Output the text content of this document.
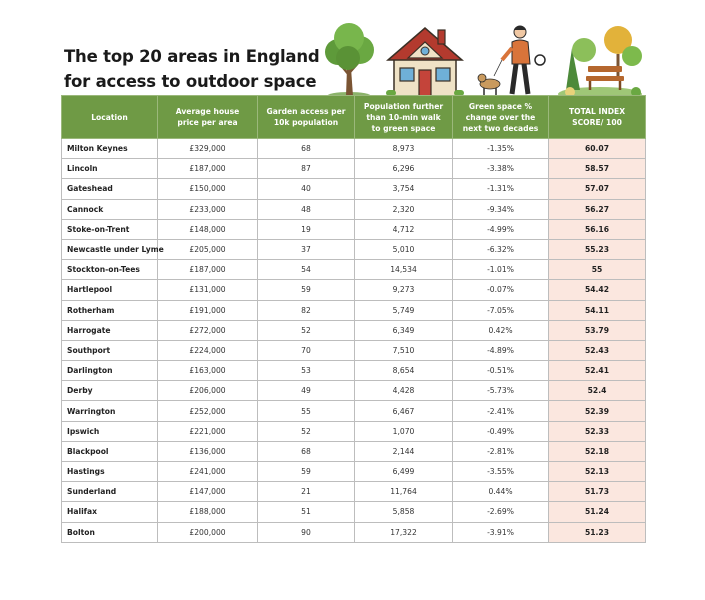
The top 20 areas in England for access to outdoor space
Location	Average house price per area	Garden access per 10k population	Population further than 10-min walk to green space	Green space % change over the next two decades	TOTAL INDEX SCORE/ 100
Milton Keynes	£329,000	68	8,973	-1.35%	60.07
Lincoln	£187,000	87	6,296	-3.38%	58.57
Gateshead	£150,000	40	3,754	-1.31%	57.07
Cannock	£233,000	48	2,320	-9.34%	56.27
Stoke-on-Trent	£148,000	19	4,712	-4.99%	56.16
Newcastle under Lyme	£205,000	37	5,010	-6.32%	55.23
Stockton-on-Tees	£187,000	54	14,534	-1.01%	55
Hartlepool	£131,000	59	9,273	-0.07%	54.42
Rotherham	£191,000	82	5,749	-7.05%	54.11
Harrogate	£272,000	52	6,349	0.42%	53.79
Southport	£224,000	70	7,510	-4.89%	52.43
Darlington	£163,000	53	8,654	-0.51%	52.41
Derby	£206,000	49	4,428	-5.73%	52.4
Warrington	£252,000	55	6,467	-2.41%	52.39
Ipswich	£221,000	52	1,070	-0.49%	52.33
Blackpool	£136,000	68	2,144	-2.81%	52.18
Hastings	£241,000	59	6,499	-3.55%	52.13
Sunderland	£147,000	21	11,764	0.44%	51.73
Halifax	£188,000	51	5,858	-2.69%	51.24
Bolton	£200,000	90	17,322	-3.91%	51.23
